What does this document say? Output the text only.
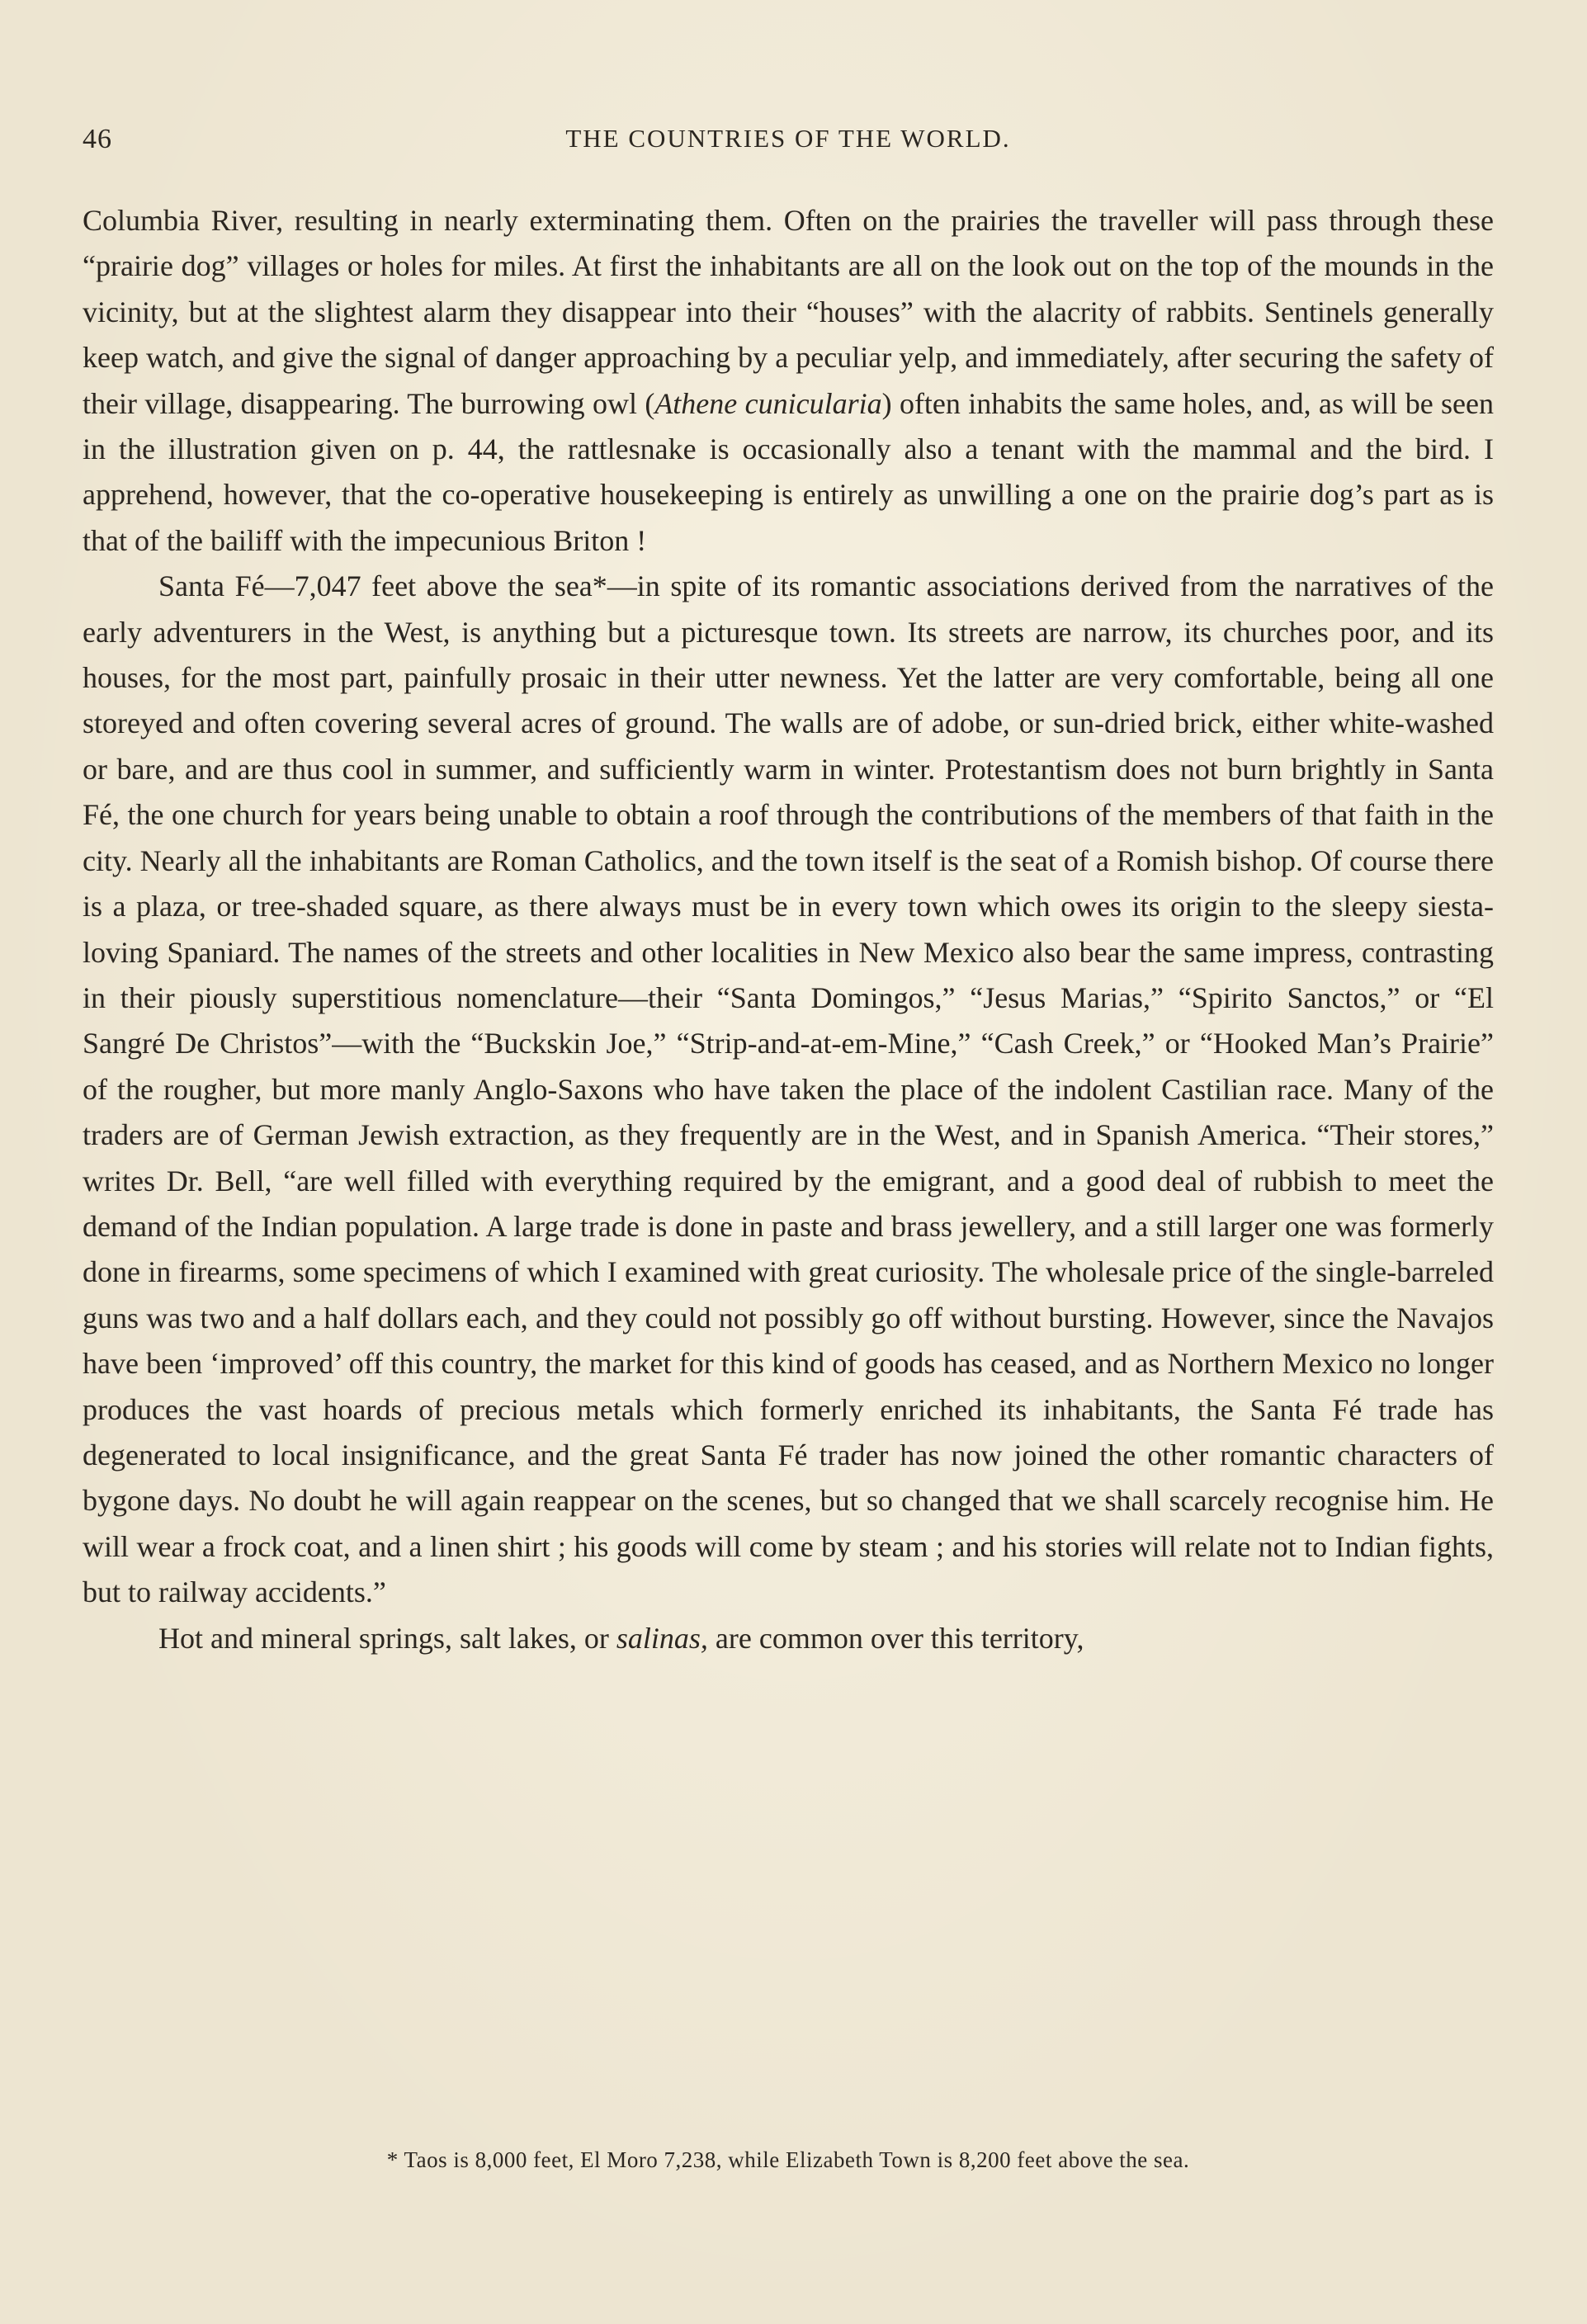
46	THE COUNTRIES OF THE WORLD.

Columbia River, resulting in nearly exterminating them. Often on the prairies the traveller will pass through these “prairie dog” villages or holes for miles. At first the inhabitants are all on the look out on the top of the mounds in the vicinity, but at the slightest alarm they disappear into their “houses” with the alacrity of rabbits. Sentinels generally keep watch, and give the signal of danger approaching by a peculiar yelp, and immediately, after securing the safety of their village, disappearing. The burrowing owl (Athene cunicularia) often inhabits the same holes, and, as will be seen in the illustration given on p. 44, the rattlesnake is occasionally also a tenant with the mammal and the bird. I apprehend, however, that the co-operative housekeeping is entirely as unwilling a one on the prairie dog’s part as is that of the bailiff with the impecunious Briton !

Santa Fé—7,047 feet above the sea*—in spite of its romantic associations derived from the narratives of the early adventurers in the West, is anything but a picturesque town. Its streets are narrow, its churches poor, and its houses, for the most part, painfully prosaic in their utter newness. Yet the latter are very comfortable, being all one storeyed and often covering several acres of ground. The walls are of adobe, or sun-dried brick, either white-washed or bare, and are thus cool in summer, and sufficiently warm in winter. Protestantism does not burn brightly in Santa Fé, the one church for years being unable to obtain a roof through the contributions of the members of that faith in the city. Nearly all the inhabitants are Roman Catholics, and the town itself is the seat of a Romish bishop. Of course there is a plaza, or tree-shaded square, as there always must be in every town which owes its origin to the sleepy siesta-loving Spaniard. The names of the streets and other localities in New Mexico also bear the same impress, contrasting in their piously superstitious nomenclature—their “Santa Domingos,” “Jesus Marias,” “Spirito Sanctos,” or “El Sangré De Christos”—with the “Buckskin Joe,” “Strip-and-at-em-Mine,” “Cash Creek,” or “Hooked Man’s Prairie” of the rougher, but more manly Anglo-Saxons who have taken the place of the indolent Castilian race. Many of the traders are of German Jewish extraction, as they frequently are in the West, and in Spanish America. “Their stores,” writes Dr. Bell, “are well filled with everything required by the emigrant, and a good deal of rubbish to meet the demand of the Indian population. A large trade is done in paste and brass jewellery, and a still larger one was formerly done in firearms, some specimens of which I examined with great curiosity. The wholesale price of the single-barreled guns was two and a half dollars each, and they could not possibly go off without bursting. However, since the Navajos have been ‘improved’ off this country, the market for this kind of goods has ceased, and as Northern Mexico no longer produces the vast hoards of precious metals which formerly enriched its inhabitants, the Santa Fé trade has degenerated to local insignificance, and the great Santa Fé trader has now joined the other romantic characters of bygone days. No doubt he will again reappear on the scenes, but so changed that we shall scarcely recognise him. He will wear a frock coat, and a linen shirt ; his goods will come by steam ; and his stories will relate not to Indian fights, but to railway accidents.”

Hot and mineral springs, salt lakes, or salinas, are common over this territory,

* Taos is 8,000 feet, El Moro 7,238, while Elizabeth Town is 8,200 feet above the sea.
